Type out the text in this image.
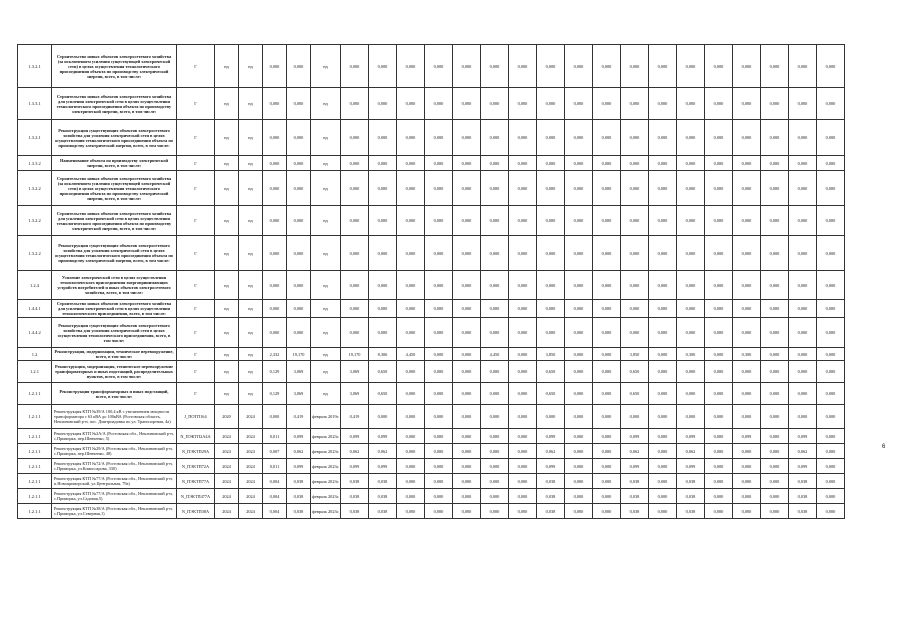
1.3.2.1	Строительство новых объектов электросетевого хозяйства (за исключением усиления существующей электрической сети) в целях осуществления технологического присоединения объекта по производству электрической энергии, всего, в том числе:	Г	нд	нд	0,000	0,000	нд	0,000	0,000	0,000	0,000	0,000	0,000	0,000	0,000	0,000	0,000	0,000	0,000	0,000	0,000	0,000	0,000	0,000	0,000
1.3.3.1	Строительство новых объектов электросетевого хозяйства для усиления электрической сети в целях осуществления технологического присоединения объекта по производству электрической энергии, всего, в том числе:	Г	нд	нд	0,000	0,000	нд	0,000	0,000	0,000	0,000	0,000	0,000	0,000	0,000	0,000	0,000	0,000	0,000	0,000	0,000	0,000	0,000	0,000	0,000
1.3.2.1	Реконструкция существующих объектов электросетевого хозяйства для усиления электрической сети в целях осуществления технологического присоединения объекта по производству электрической энергии, всего, в том числе:	Г	нд	нд	0,000	0,000	нд	0,000	0,000	0,000	0,000	0,000	0,000	0,000	0,000	0,000	0,000	0,000	0,000	0,000	0,000	0,000	0,000	0,000	0,000
1.3.3.2	Наименование объекта по производству электрической энергии, всего, в том числе:	Г	нд	нд	0,000	0,000	нд	0,000	0,000	0,000	0,000	0,000	0,000	0,000	0,000	0,000	0,000	0,000	0,000	0,000	0,000	0,000	0,000	0,000	0,000
1.3.2.2	Строительство новых объектов электросетевого хозяйства (за исключением усиления существующей электрической сети) в целях осуществления технологического присоединения объекта по производству электрической энергии, всего, в том числе:	Г	нд	нд	0,000	0,000	нд	0,000	0,000	0,000	0,000	0,000	0,000	0,000	0,000	0,000	0,000	0,000	0,000	0,000	0,000	0,000	0,000	0,000	0,000
1.3.2.2	Строительство новых объектов электросетевого хозяйства для усиления электрической сети в целях осуществления технологического присоединения объекта по производству электрической энергии, всего, в том числе:	Г	нд	нд	0,000	0,000	нд	0,000	0,000	0,000	0,000	0,000	0,000	0,000	0,000	0,000	0,000	0,000	0,000	0,000	0,000	0,000	0,000	0,000	0,000
1.3.2.2	Реконструкция существующих объектов электросетевого хозяйства для усиления электрической сети в целях осуществления технологического присоединения объекта по производству электрической энергии, всего, в том числе:	Г	нд	нд	0,000	0,000	нд	0,000	0,000	0,000	0,000	0,000	0,000	0,000	0,000	0,000	0,000	0,000	0,000	0,000	0,000	0,000	0,000	0,000	0,000
1.2.4	Усиление электрической сети в целях осуществления технологического присоединения энергопринимающих устройств потребителей и иных объектов электросетевого хозяйства, всего, в том числе:	Г	нд	нд	0,000	0,000	нд	0,000	0,000	0,000	0,000	0,000	0,000	0,000	0,000	0,000	0,000	0,000	0,000	0,000	0,000	0,000	0,000	0,000	0,000
1.4.4.1	Строительство новых объектов электросетевого хозяйства для усиления электрической сети в целях осуществления технологического присоединения, всего, в том числе:	Г	нд	нд	0,000	0,000	нд	0,000	0,000	0,000	0,000	0,000	0,000	0,000	0,000	0,000	0,000	0,000	0,000	0,000	0,000	0,000	0,000	0,000	0,000
1.4.4.2	Реконструкция существующих объектов электросетевого хозяйства для усиления электрической сети в целях осуществления технологического присоединения, всего, в том числе:	Г	нд	нд	0,000	0,000	нд	0,000	0,000	0,000	0,000	0,000	0,000	0,000	0,000	0,000	0,000	0,000	0,000	0,000	0,000	0,000	0,000	0,000	0,000
1.2	Реконструкция, модернизация, техническое перевооружение, всего, в том числе:	Г	нд	нд	2,332	19,170	нд	19,170	8,306	4,450	0,000	0,000	4,450	0,000	3,850	0,000	0,000	3,850	0,000	0,300	0,000	0,300	0,000	0,000	0,000
1.2.1	Реконструкция, модернизация, техническое перевооружение трансформаторных и иных подстанций, распределительных пунктов, всего, в том числе:	Г	нд	нд	0,129	3,069	нд	3,069	0,650	0,000	0,000	0,000	0,000	0,000	0,650	0,000	0,000	0,650	0,000	0,000	0,000	0,000	0,000	0,000	0,000
1.2.1.1	Реконструкция трансформаторных и иных подстанций, всего, в том числе:	Г	нд	нд	0,129	3,069	нд	3,069	0,650	0,000	0,000	0,000	0,000	0,000	0,650	0,000	0,000	0,650	0,000	0,000	0,000	0,000	0,000	0,000	0,000
1.2.1.1	Реконструкция КТП №39/А 100,4 кВ с увеличением мощности трансформатора с 63 кВА до 100кВА (Ростовская область, Неклиновский р-н, пос. Дмитриадовка по ул. Транспортная, 4а)	J_ПОТП164	2020	2024	0,000	0,419	февраль 2019г.	0,419	0,000	0,000	0,000	0,000	0,000	0,000	0,000	0,000	0,000	0,000	0,000	0,000	0,000	0,000	0,000	0,000	0,000
1.2.1.1	Реконструкция КТП №2А/А (Ростовская обл., Неклиновский р-н, с.Приморка, пер.Шевченко, 5)	N_ПЭКТП2А4А	2024	2024	0,011	0,099	февраль 2023г.	0,099	0,099	0,000	0,000	0,000	0,000	0,000	0,099	0,000	0,000	0,099	0,000	0,099	0,000	0,099	0,000	0,099	0,000
1.2.1.1	Реконструкция КТП №29/А (Ростовская обл., Неклиновский р-н, с.Приморка, пер.Шевченко, 48)	N_ПЭКТП29А	2024	2024	0,007	0,062	февраль 2023г.	0,062	0,062	0,000	0,000	0,000	0,000	0,000	0,062	0,000	0,000	0,062	0,000	0,062	0,000	0,000	0,000	0,062	0,000
1.2.1.1	Реконструкция КТП №72/А (Ростовская обл., Неклиновский р-н, с.Приморка, ул.Комиссарова, 330)	N_ПЭКТП72А	2024	2024	0,011	0,099	февраль 2023г.	0,099	0,099	0,000	0,000	0,000	0,000	0,000	0,099	0,000	0,000	0,099	0,000	0,099	0,000	0,000	0,000	0,099	0,000
1.2.1.1	Реконструкция КТП №77/А (Ростовская обл., Неклиновский р-н, п.Новоприморский, ул.Центральная, 79а)	N_ПЭКТП77А	2024	2024	0,004	0,038	февраль 2023г.	0,038	0,038	0,000	0,000	0,000	0,000	0,000	0,038	0,000	0,000	0,038	0,000	0,038	0,000	0,000	0,000	0,038	0,000
1.2.1.1	Реконструкция КТП №77/А (Ростовская обл., Неклиновский р-н, с.Приморка, ул.Садовая,5)	N_ПЭКТП477А	2024	2024	0,004	0,038	февраль 2023г.	0,038	0,038	0,000	0,000	0,000	0,000	0,000	0,038	0,000	0,000	0,038	0,000	0,038	0,000	0,000	0,000	0,038	0,000
1.2.1.1	Реконструкция КТП №38/А (Ростовская обл., Неклиновский р-н, с.Приморка, ул.Северная,1)	N_ПЭКТП38А	2024	2024	0,004	0,038	февраль 2023г.	0,038	0,038	0,000	0,000	0,000	0,000	0,000	0,038	0,000	0,000	0,038	0,000	0,038	0,000	0,000	0,000	0,038	0,000
6
